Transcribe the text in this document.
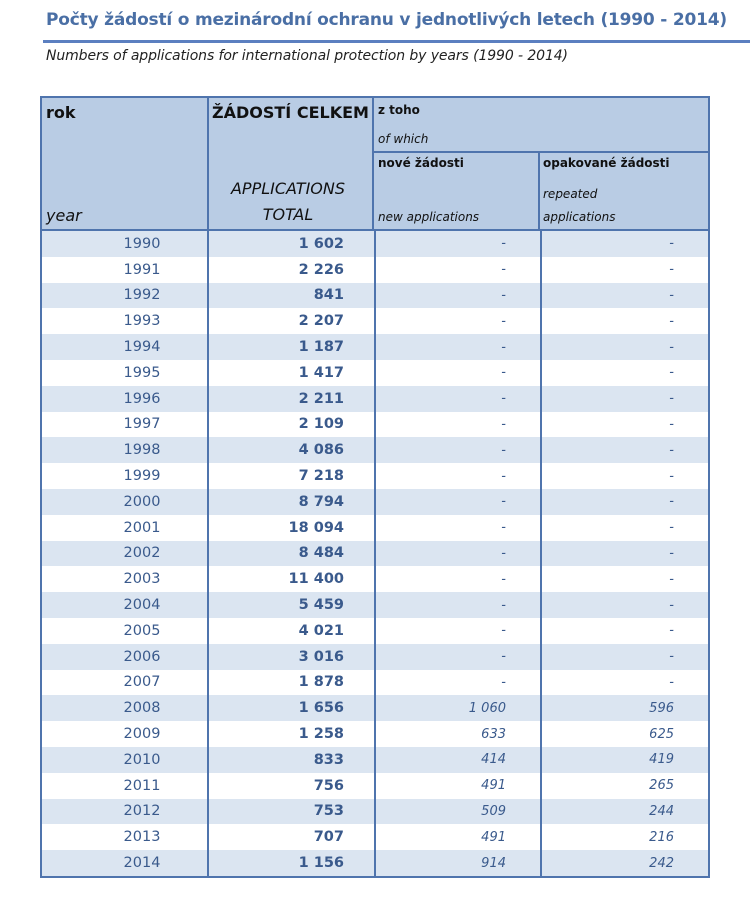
Počty žádostí o mezinárodní ochranu v jednotlivých letech (1990 - 2014)
Numbers of applications for international protection by years (1990 - 2014)
rok
year
ŽÁDOSTÍ CELKEM
APPLICATIONS
TOTAL
z toho
of which
nové žádosti
new applications
opakované žádosti
repeated
applications
1990	1 602	-	-
1991	2 226	-	-
1992	841	-	-
1993	2 207	-	-
1994	1 187	-	-
1995	1 417	-	-
1996	2 211	-	-
1997	2 109	-	-
1998	4 086	-	-
1999	7 218	-	-
2000	8 794	-	-
2001	18 094	-	-
2002	8 484	-	-
2003	11 400	-	-
2004	5 459	-	-
2005	4 021	-	-
2006	3 016	-	-
2007	1 878	-	-
2008	1 656	1 060	596
2009	1 258	633	625
2010	833	414	419
2011	756	491	265
2012	753	509	244
2013	707	491	216
2014	1 156	914	242
